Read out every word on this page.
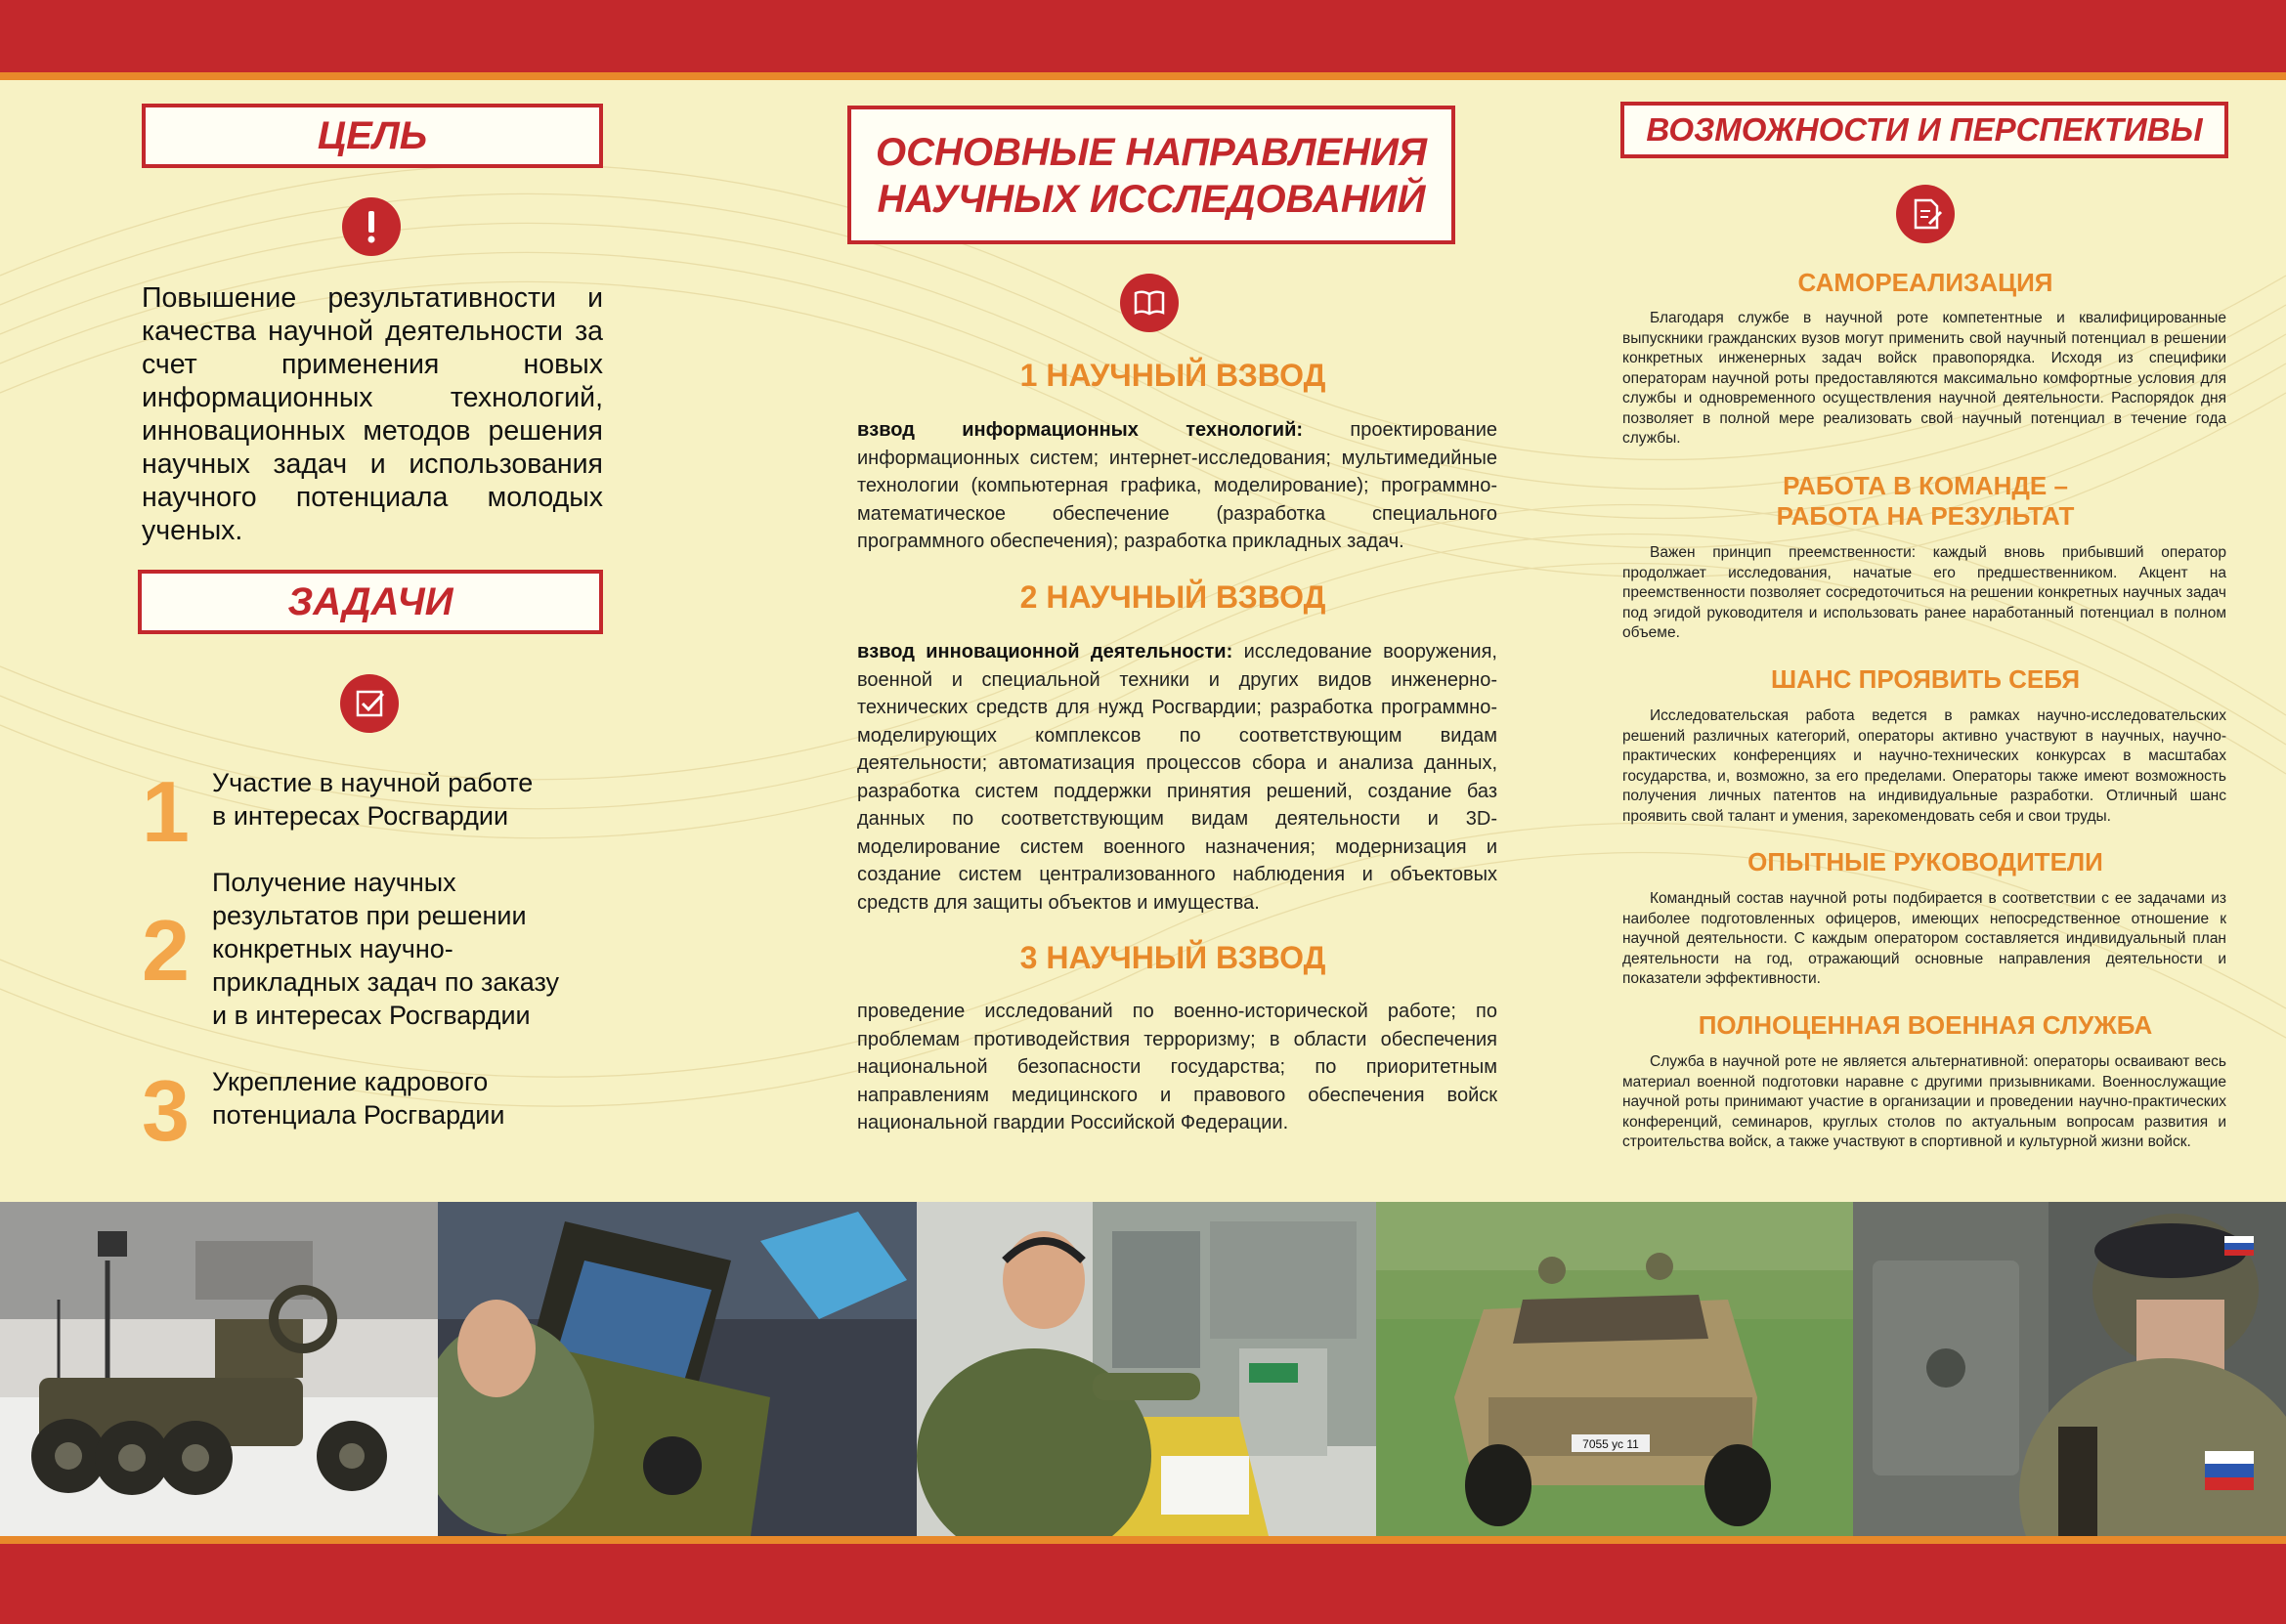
ЦЕЛЬ
Повышение результативности и качества научной деятельности за счет применения новых информационных технологий, инновационных методов решения научных задач и использования научного потенциала молодых ученых.
ЗАДАЧИ
1 Участие в научной работе
в интересах Росгвардии
2
Получение научных
результатов при решении
конкретных научно-
прикладных задач по заказу
и в интересах Росгвардии
3 Укрепление кадрового
потенциала Росгвардии
ОСНОВНЫЕ НАПРАВЛЕНИЯ
НАУЧНЫХ ИССЛЕДОВАНИЙ
1 НАУЧНЫЙ ВЗВОД
взвод информационных технологий: проектирование информационных систем; интернет-исследования; мультимедийные технологии (компьютерная графика, моделирование); программно-математическое обеспечение (разработка специального программного обеспечения); разработка прикладных задач.
2 НАУЧНЫЙ ВЗВОД
взвод инновационной деятельности: исследование вооружения, военной и специальной техники и других видов инженерно-технических средств для нужд Росгвардии; разработка программно-моделирующих комплексов по соответствующим видам деятельности; автоматизация процессов сбора и анализа данных, разработка систем поддержки принятия решений, создание баз данных по соответствующим видам деятельности и 3D-моделирование систем военного назначения; модернизация и создание систем централизованного наблюдения и объектовых средств для защиты объектов и имущества.
3 НАУЧНЫЙ ВЗВОД
проведение исследований по военно-исторической работе; по проблемам противодействия терроризму; в области обеспечения национальной безопасности государства; по приоритетным направлениям медицинского и правового обеспечения войск национальной гвардии Российской Федерации.
ВОЗМОЖНОСТИ И ПЕРСПЕКТИВЫ
САМОРЕАЛИЗАЦИЯ
Благодаря службе в научной роте компетентные и квалифицированные выпускники гражданских вузов могут применить свой научный потенциал в решении конкретных инженерных задач войск правопорядка. Исходя из специфики операторам научной роты предоставляются максимально комфортные условия для службы и одновременного осуществления научной деятельности. Распорядок дня позволяет в полной мере реализовать свой научный потенциал в течение года службы.
РАБОТА В КОМАНДЕ –
РАБОТА НА РЕЗУЛЬТАТ
Важен принцип преемственности: каждый вновь прибывший оператор продолжает исследования, начатые его предшественником. Акцент на преемственности позволяет сосредоточиться на решении конкретных научных задач под эгидой руководителя и использовать ранее наработанный потенциал в полном объеме.
ШАНС ПРОЯВИТЬ СЕБЯ
Исследовательская работа ведется в рамках научно-исследовательских решений различных категорий, операторы активно участвуют в научных, научно-практических конференциях и научно-технических конкурсах в масштабах государства, и, возможно, за его пределами. Операторы также имеют возможность получения личных патентов на индивидуальные разработки. Отличный шанс проявить свой талант и умения, зарекомендовать себя и свои труды.
ОПЫТНЫЕ РУКОВОДИТЕЛИ
Командный состав научной роты подбирается в соответствии с ее задачами из наиболее подготовленных офицеров, имеющих непосредственное отношение к научной деятельности. С каждым оператором составляется индивидуальный план деятельности на год, отражающий основные направления деятельности и показатели эффективности.
ПОЛНОЦЕННАЯ ВОЕННАЯ СЛУЖБА
Служба в научной роте не является альтернативной: операторы осваивают весь материал военной подготовки наравне с другими призывниками. Военнослужащие научной роты принимают участие в организации и проведении научно-практических конференций, семинаров, круглых столов по актуальным вопросам развития и строительства войск, а также участвуют в спортивной и культурной жизни войск.
7055 ус 11
